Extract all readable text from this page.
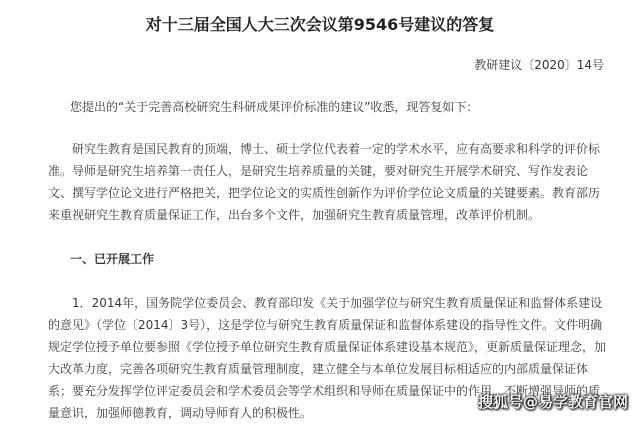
对十三届全国人大三次会议第9546号建议的答复
教研建议〔2020〕14号

您提出的“关于完善高校研究生科研成果评价标准的建议”收悉，现答复如下：

研究生教育是国民教育的顶端，博士、硕士学位代表着一定的学术水平，应有高要求和科学的评价标准。导师是研究生培养第一责任人，是研究生培养质量的关键，要对研究生开展学术研究、写作发表论文、撰写学位论文进行严格把关，把学位论文的实质性创新作为评价学位论文质量的关键要素。教育部历来重视研究生教育质量保证工作，出台多个文件，加强研究生教育质量管理，改革评价机制。

一、已开展工作

1．2014年，国务院学位委员会、教育部印发《关于加强学位与研究生教育质量保证和监督体系建设的意见》（学位〔2014〕3号），这是学位与研究生教育质量保证和监督体系建设的指导性文件。文件明确规定学位授予单位要参照《学位授予单位研究生教育质量保证体系建设基本规范》，更新质量保证理念，加大改革力度，完善各项研究生教育质量管理制度，建立健全与本单位发展目标相适应的内部质量保证体系；要充分发挥学位评定委员会和学术委员会等学术组织和导师在质量保证中的作用，不断增强导师的质量意识，加强师德教育，调动导师育人的积极性。

搜狐号@易学教育官网
